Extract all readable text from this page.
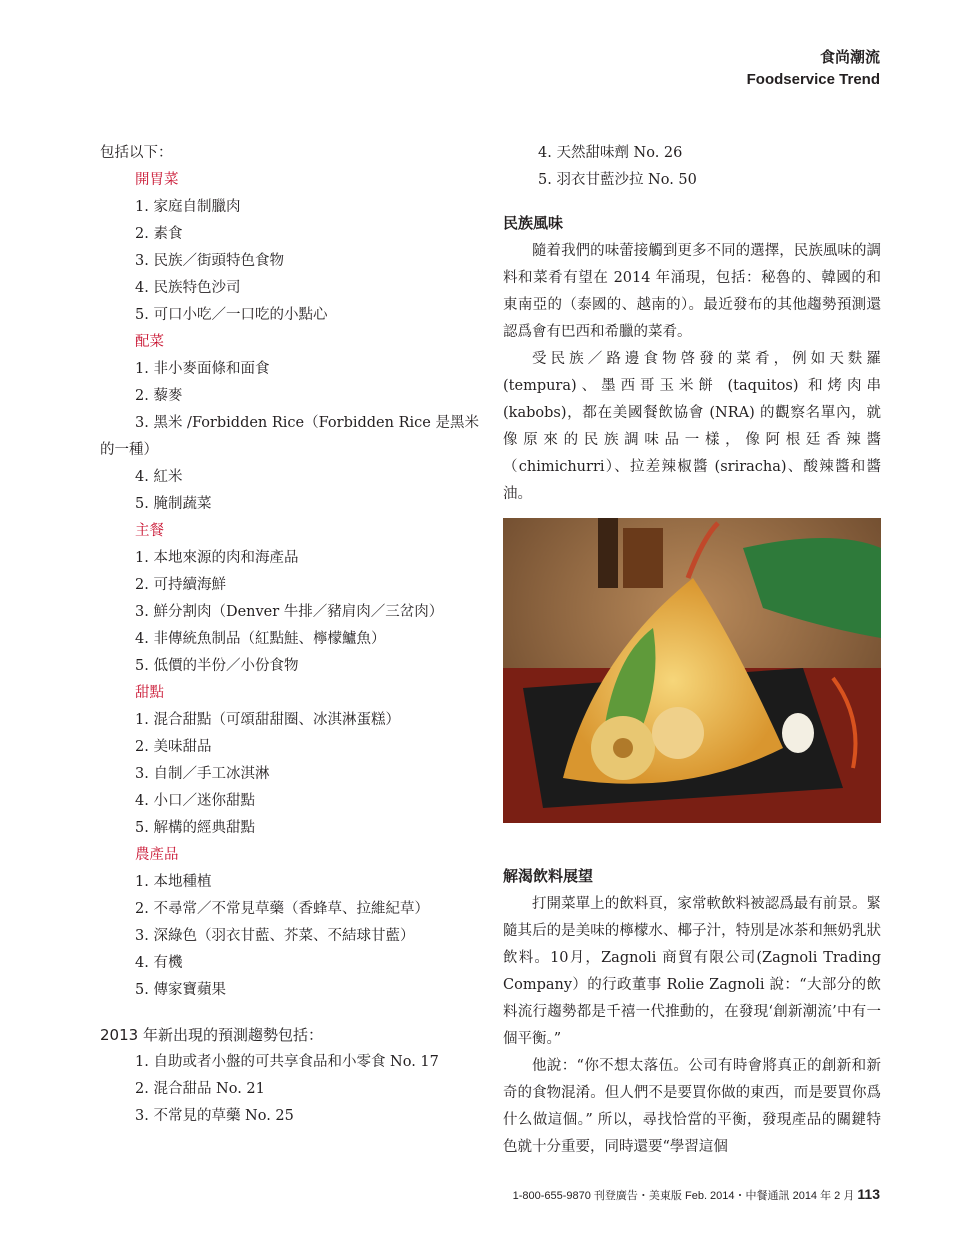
食尚潮流
Foodservice Trend
包括以下：
開胃菜
1. 家庭自制臘肉
2. 素食
3. 民族／街頭特色食物
4. 民族特色沙司
5. 可口小吃／一口吃的小點心
配菜
1. 非小麥面條和面食
2. 藜麥
3. 黑米 /Forbidden Rice（Forbidden Rice 是黑米
的一種）
4. 紅米
5. 腌制蔬菜
主餐
1. 本地來源的肉和海產品
2. 可持續海鮮
3. 鮮分割肉（Denver 牛排／豬肩肉／三岔肉）
4. 非傳統魚制品（紅點鮭、檸檬鱸魚）
5. 低價的半份／小份食物
甜點
1. 混合甜點（可頌甜甜圈、冰淇淋蛋糕）
2. 美味甜品
3. 自制／手工冰淇淋
4. 小口／迷你甜點
5. 解構的經典甜點
農產品
1. 本地種植
2. 不尋常／不常見草藥（香蜂草、拉維紀草）
3. 深綠色（羽衣甘藍、芥菜、不結球甘藍）
4. 有機
5. 傳家寶蘋果
2013 年新出現的預測趨勢包括：
1. 自助或者小盤的可共享食品和小零食 No. 17
2. 混合甜品 No. 21
3. 不常見的草藥 No. 25
4. 天然甜味劑 No. 26
5. 羽衣甘藍沙拉 No. 50
民族風味

隨着我們的味蕾接觸到更多不同的選擇，民族風味的調料和菜肴有望在 2014 年涌現，包括：秘魯的、韓國的和東南亞的（泰國的、越南的）。最近發布的其他趨勢預測還認爲會有巴西和希臘的菜肴。

受民族／路邊食物啓發的菜肴，例如天麩羅 (tempura)、墨西哥玉米餅 (taquitos) 和烤肉串 (kabobs)，都在美國餐飲協會 (NRA) 的觀察名單內，就像原來的民族調味品一樣，像阿根廷香辣醬（chimichurri）、拉差辣椒醬 (sriracha)、酸辣醬和醬油。

解渴飲料展望

打開菜單上的飲料頁，家常軟飲料被認爲最有前景。緊隨其后的是美味的檸檬水、椰子汁，特別是冰茶和無奶乳狀飲料。10月，Zagnoli 商貿有限公司(Zagnoli Trading Company）的行政董事 Rolie Zagnoli 說：“大部分的飲料流行趨勢都是千禧一代推動的，在發現‘創新潮流’中有一個平衡。”

他說：“你不想太落伍。公司有時會將真正的創新和新奇的食物混淆。但人們不是要買你做的東西，而是要買你爲什么做這個。” 所以，尋找恰當的平衡，發現產品的關鍵特色就十分重要，同時還要“學習這個

1-800-655-9870 刊登廣告・美東版 Feb. 2014・中餐通訊 2014 年 2 月 113
